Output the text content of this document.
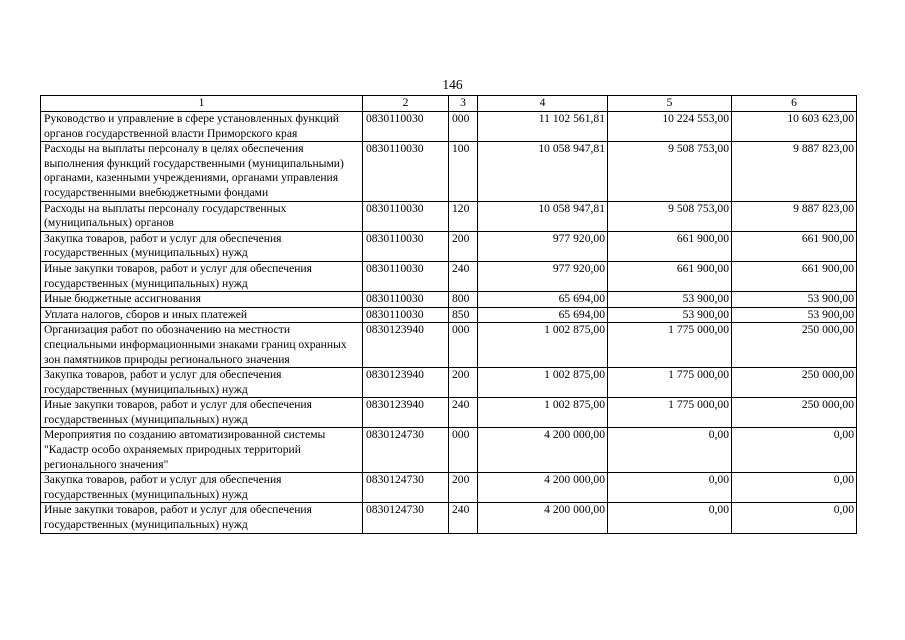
146
1	2	3	4	5	6
Руководство и управление в сфере установленных функций органов государственной власти Приморского края	0830110030	000	11 102 561,81	10 224 553,00	10 603 623,00
Расходы на выплаты персоналу в целях обеспечения выполнения функций государственными (муниципальными) органами, казенными учреждениями, органами управления государственными внебюджетными фондами	0830110030	100	10 058 947,81	9 508 753,00	9 887 823,00
Расходы на выплаты персоналу государственных (муниципальных) органов	0830110030	120	10 058 947,81	9 508 753,00	9 887 823,00
Закупка товаров, работ и услуг для обеспечения государственных (муниципальных) нужд	0830110030	200	977 920,00	661 900,00	661 900,00
Иные закупки товаров, работ и услуг для обеспечения государственных (муниципальных) нужд	0830110030	240	977 920,00	661 900,00	661 900,00
Иные бюджетные ассигнования	0830110030	800	65 694,00	53 900,00	53 900,00
Уплата налогов, сборов и иных платежей	0830110030	850	65 694,00	53 900,00	53 900,00
Организация работ по обозначению на местности специальными информационными знаками границ охранных зон памятников природы регионального значения	0830123940	000	1 002 875,00	1 775 000,00	250 000,00
Закупка товаров, работ и услуг для обеспечения государственных (муниципальных) нужд	0830123940	200	1 002 875,00	1 775 000,00	250 000,00
Иные закупки товаров, работ и услуг для обеспечения государственных (муниципальных) нужд	0830123940	240	1 002 875,00	1 775 000,00	250 000,00
Мероприятия по созданию автоматизированной системы "Кадастр особо охраняемых природных территорий регионального значения"	0830124730	000	4 200 000,00	0,00	0,00
Закупка товаров, работ и услуг для обеспечения государственных (муниципальных) нужд	0830124730	200	4 200 000,00	0,00	0,00
Иные закупки товаров, работ и услуг для обеспечения государственных (муниципальных) нужд	0830124730	240	4 200 000,00	0,00	0,00
